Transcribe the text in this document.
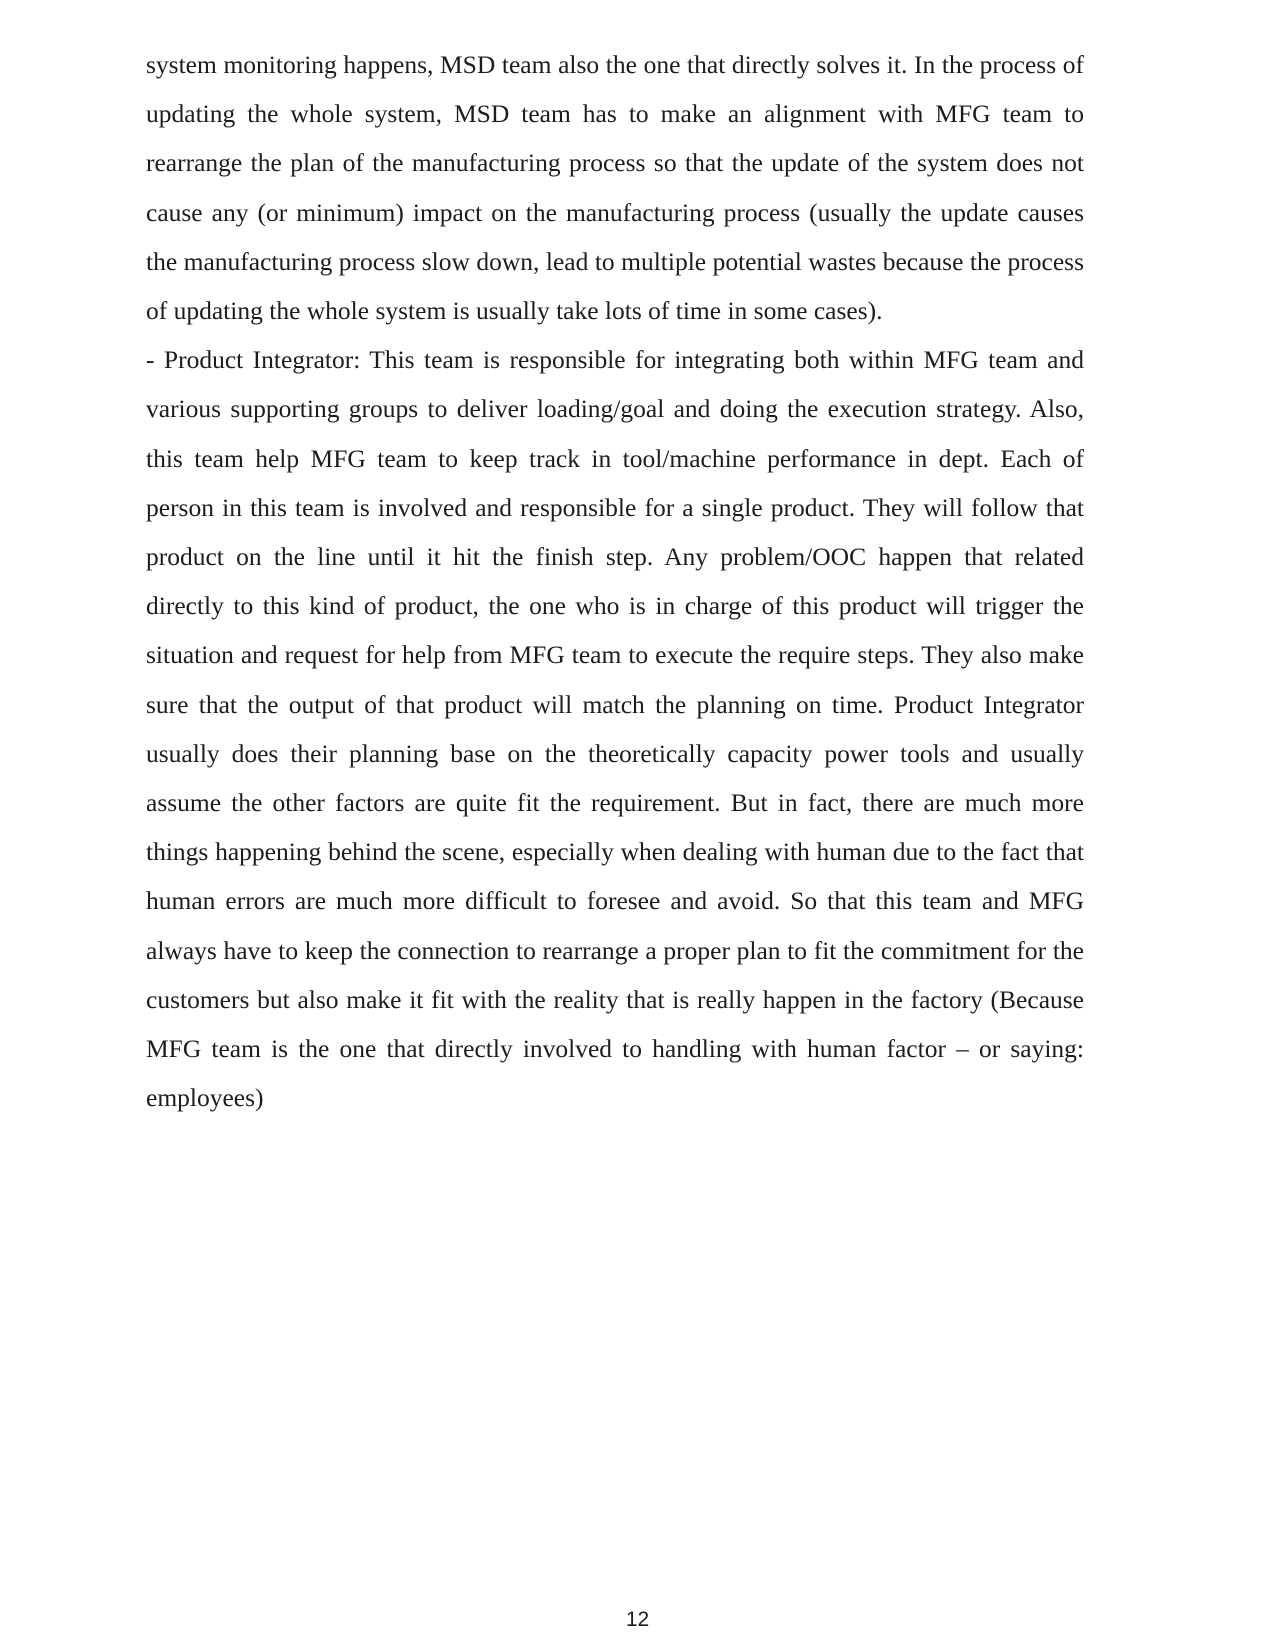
system monitoring happens, MSD team also the one that directly solves it. In the process of updating the whole system, MSD team has to make an alignment with MFG team to rearrange the plan of the manufacturing process so that the update of the system does not cause any (or minimum) impact on the manufacturing process (usually the update causes the manufacturing process slow down, lead to multiple potential wastes because the process of updating the whole system is usually take lots of time in some cases).

- Product Integrator: This team is responsible for integrating both within MFG team and various supporting groups to deliver loading/goal and doing the execution strategy. Also, this team help MFG team to keep track in tool/machine performance in dept. Each of person in this team is involved and responsible for a single product. They will follow that product on the line until it hit the finish step. Any problem/OOC happen that related directly to this kind of product, the one who is in charge of this product will trigger the situation and request for help from MFG team to execute the require steps. They also make sure that the output of that product will match the planning on time. Product Integrator usually does their planning base on the theoretically capacity power tools and usually assume the other factors are quite fit the requirement. But in fact, there are much more things happening behind the scene, especially when dealing with human due to the fact that human errors are much more difficult to foresee and avoid. So that this team and MFG always have to keep the connection to rearrange a proper plan to fit the commitment for the customers but also make it fit with the reality that is really happen in the factory (Because MFG team is the one that directly involved to handling with human factor – or saying: employees)

12
